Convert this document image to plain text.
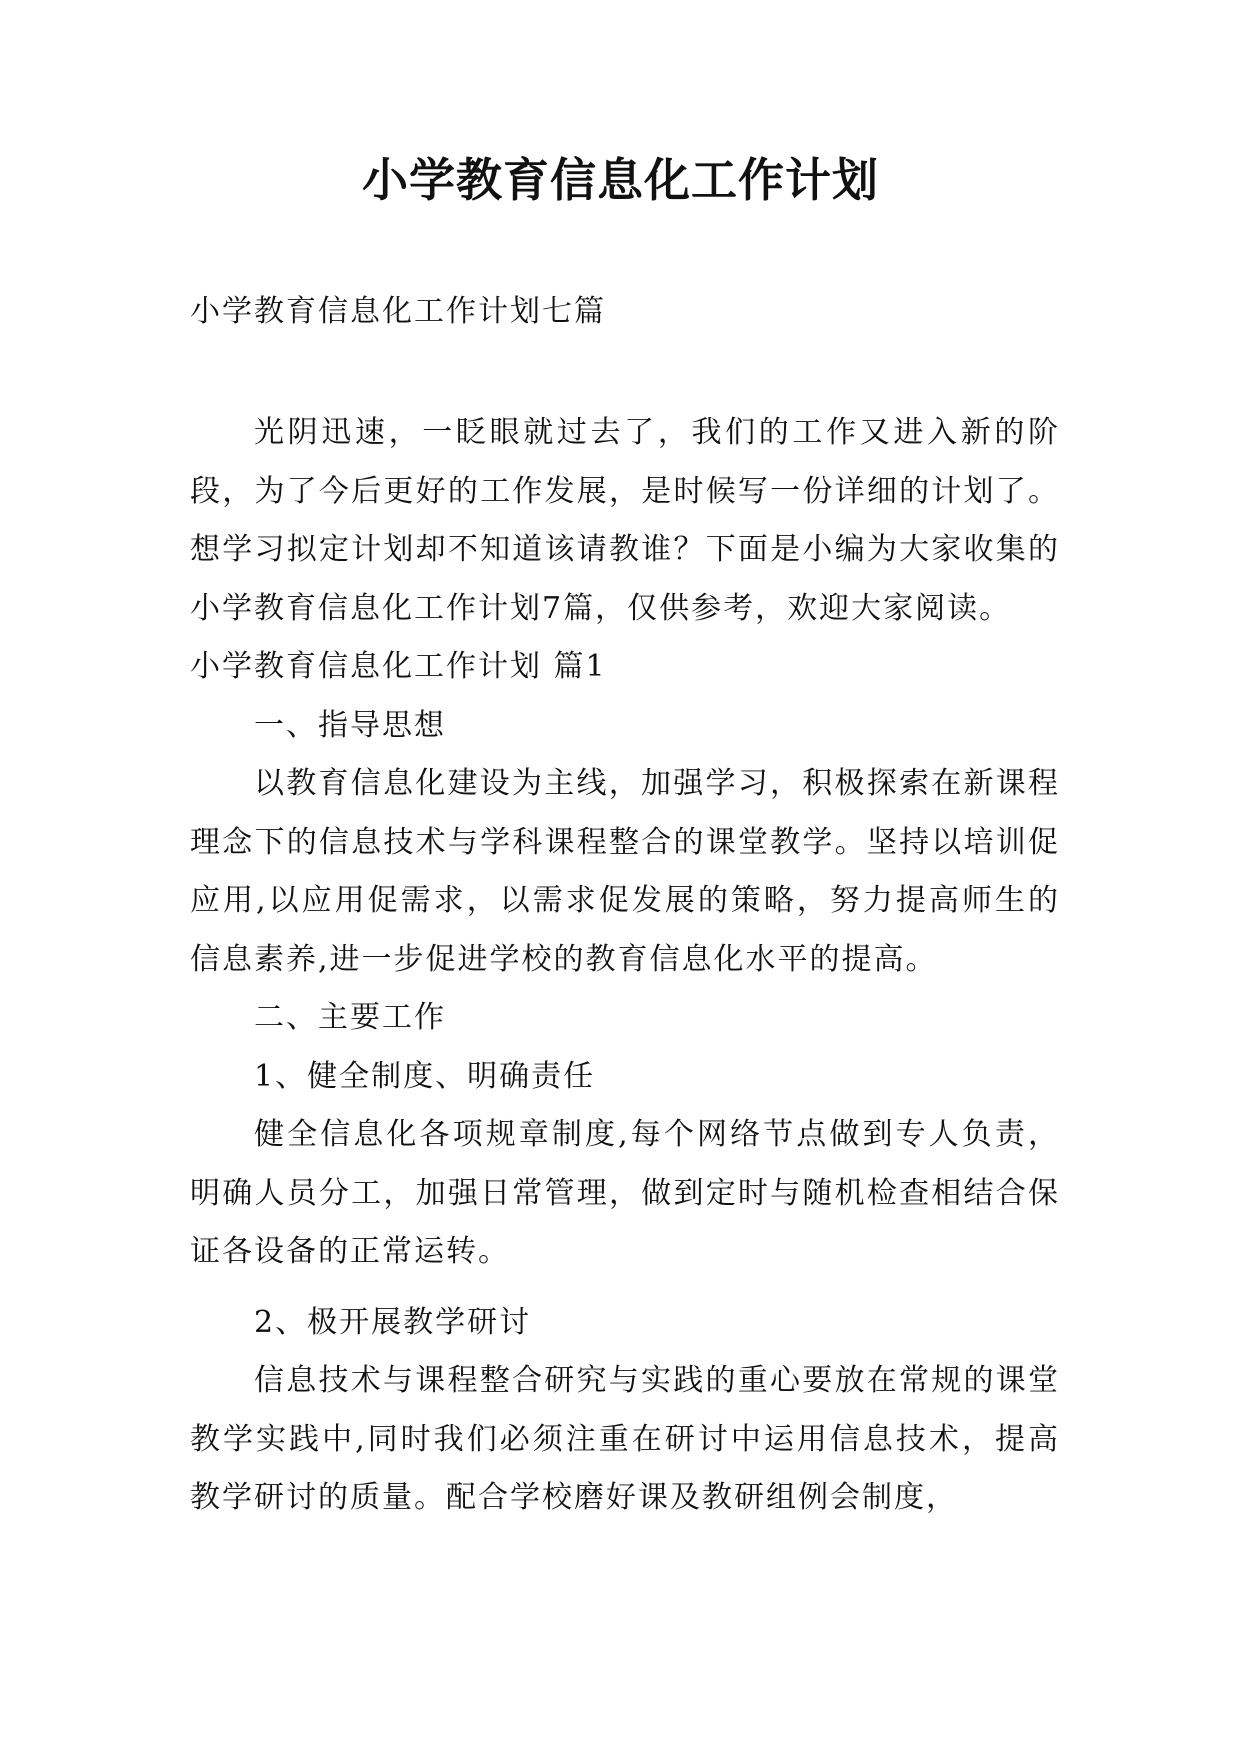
小学教育信息化工作计划
小学教育信息化工作计划七篇

光阴迅速，一眨眼就过去了，我们的工作又进入新的阶段，为了今后更好的工作发展，是时候写一份详细的计划了。想学习拟定计划却不知道该请教谁？下面是小编为大家收集的小学教育信息化工作计划7篇，仅供参考，欢迎大家阅读。

小学教育信息化工作计划 篇1

一、指导思想

以教育信息化建设为主线，加强学习，积极探索在新课程理念下的信息技术与学科课程整合的课堂教学。坚持以培训促应用,以应用促需求，以需求促发展的策略，努力提高师生的信息素养,进一步促进学校的教育信息化水平的提高。

二、主要工作

1、健全制度、明确责任

健全信息化各项规章制度,每个网络节点做到专人负责，明确人员分工，加强日常管理，做到定时与随机检查相结合保证各设备的正常运转。

2、极开展教学研讨

信息技术与课程整合研究与实践的重心要放在常规的课堂教学实践中,同时我们必须注重在研讨中运用信息技术，提高教学研讨的质量。配合学校磨好课及教研组例会制度，
